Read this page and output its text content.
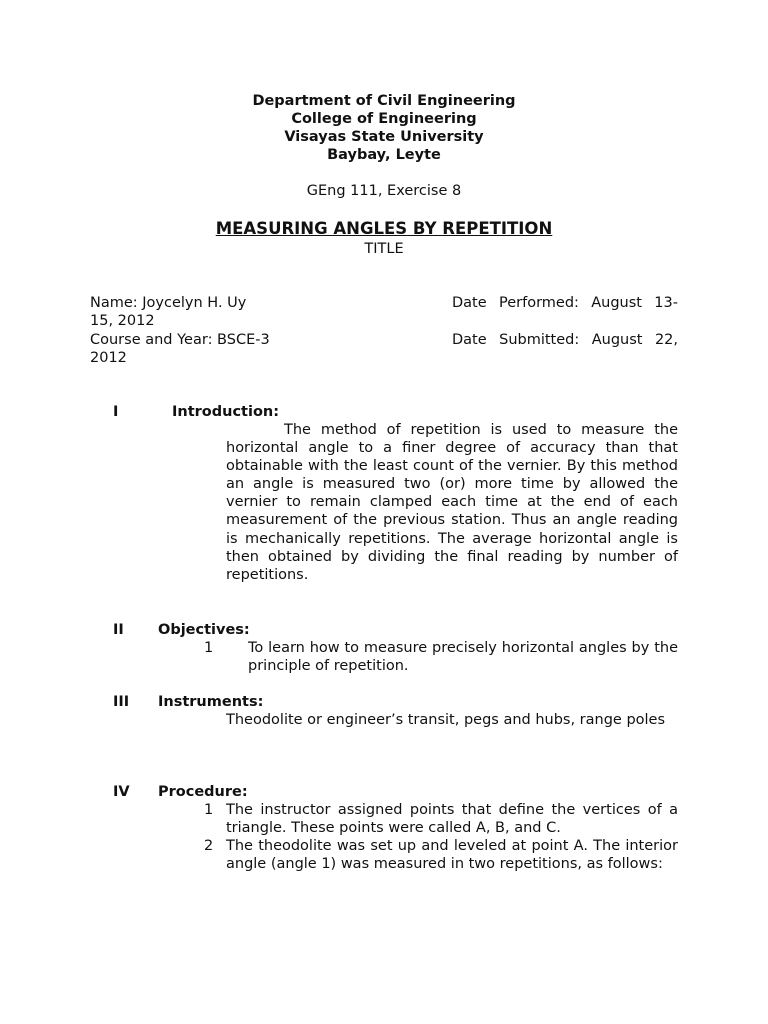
Department of Civil Engineering
College of Engineering
Visayas State University
Baybay, Leyte
GEng 111, Exercise 8
MEASURING ANGLES BY REPETITION
TITLE
Name: Joycelyn H. Uy	Date Performed: August 13-
15, 2012
Course and Year: BSCE-3	Date Submitted: August 22,
2012
I	Introduction:
The method of repetition is used to measure the horizontal angle to a finer degree of accuracy than that obtainable with the least count of the vernier. By this method an angle is measured two (or) more time by allowed the vernier to remain clamped each time at the end of each measurement of the previous station. Thus an angle reading is mechanically repetitions. The average horizontal angle is then obtained by dividing the final reading by number of repetitions.
II Objectives:
1	To learn how to measure precisely horizontal angles by the principle of repetition.
III Instruments:
Theodolite or engineer’s transit, pegs and hubs, range poles
IV Procedure:
1 The instructor assigned points that define the vertices of a triangle. These points were called A, B, and C.
2 The theodolite was set up and leveled at point A. The interior angle (angle 1) was measured in two repetitions, as follows:
